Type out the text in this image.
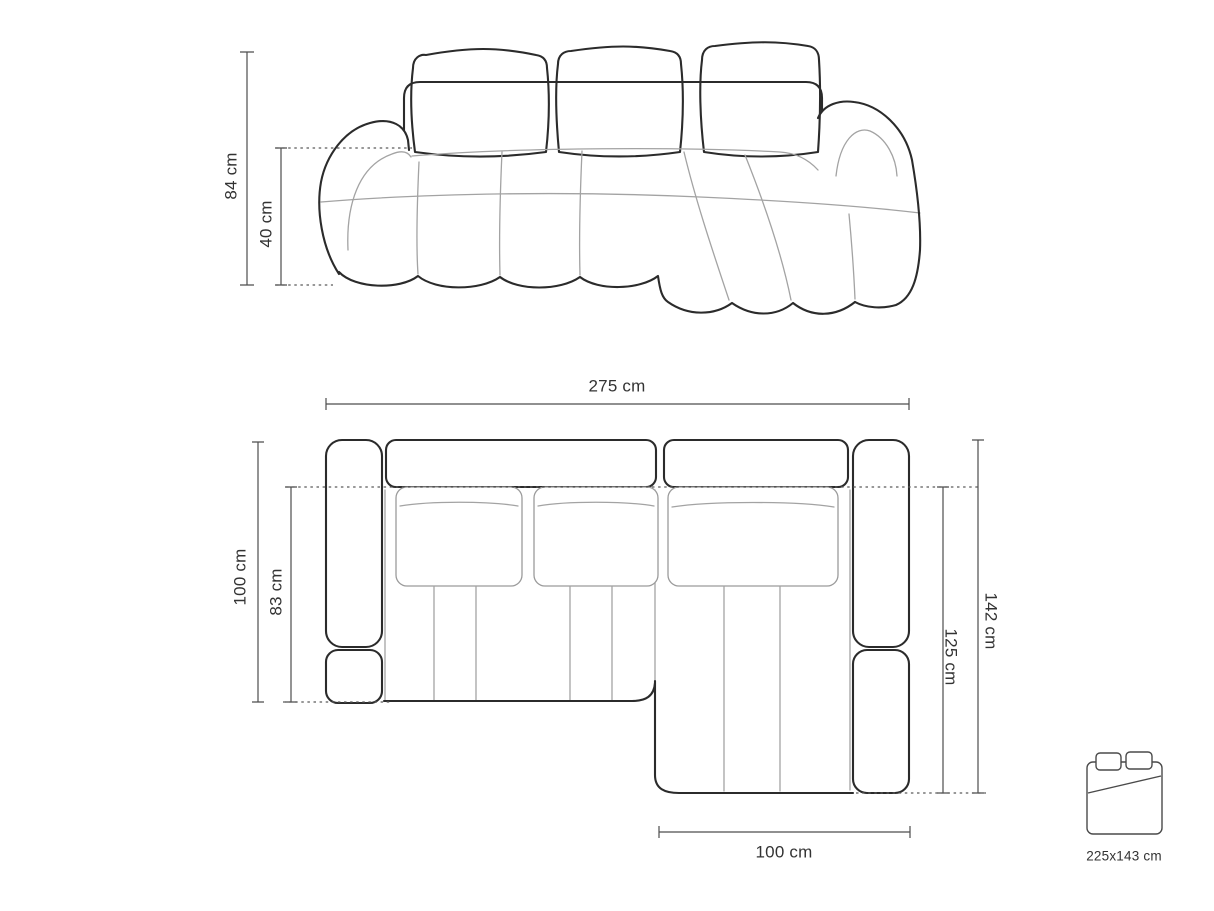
84 cm
40 cm
275 cm
100 cm 83 cm
142 cm
125 cm
100 cm	225x143 cm
